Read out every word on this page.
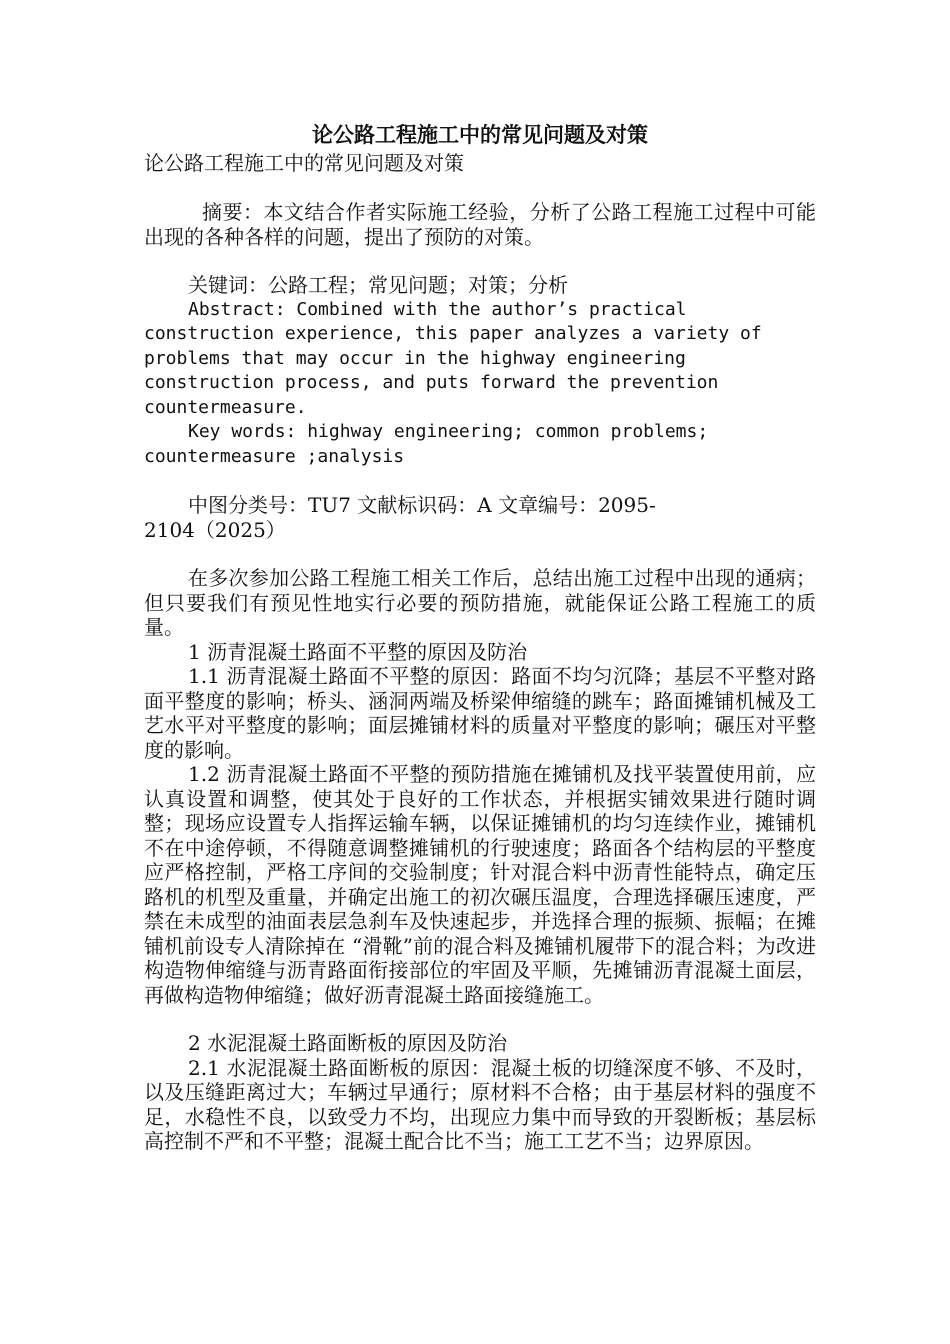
论公路工程施工中的常见问题及对策
论公路工程施工中的常见问题及对策

摘要：本文结合作者实际施工经验，分析了公路工程施工过程中可能出现的各种各样的问题，提出了预防的对策。

关键词：公路工程；常见问题；对策；分析

Abstract: Combined with the author’s practical construction experience, this paper analyzes a variety of problems that may occur in the highway engineering construction process, and puts forward the prevention countermeasure.

Key words: highway engineering; common problems; countermeasure ;analysis

中图分类号：TU7 文献标识码：A 文章编号：2095-2104（2025）

在多次参加公路工程施工相关工作后，总结出施工过程中出现的通病；但只要我们有预见性地实行必要的预防措施，就能保证公路工程施工的质量。

1 沥青混凝土路面不平整的原因及防治

1.1 沥青混凝土路面不平整的原因：路面不均匀沉降；基层不平整对路面平整度的影响；桥头、涵洞两端及桥梁伸缩缝的跳车；路面摊铺机械及工艺水平对平整度的影响；面层摊铺材料的质量对平整度的影响；碾压对平整度的影响。

1.2 沥青混凝土路面不平整的预防措施在摊铺机及找平装置使用前，应认真设置和调整，使其处于良好的工作状态，并根据实铺效果进行随时调整；现场应设置专人指挥运输车辆，以保证摊铺机的均匀连续作业，摊铺机不在中途停顿，不得随意调整摊铺机的行驶速度；路面各个结构层的平整度应严格控制，严格工序间的交验制度；针对混合料中沥青性能特点，确定压路机的机型及重量，并确定出施工的初次碾压温度，合理选择碾压速度，严禁在未成型的油面表层急刹车及快速起步，并选择合理的振频、振幅；在摊铺机前设专人清除掉在 “滑靴”前的混合料及摊铺机履带下的混合料；为改进构造物伸缩缝与沥青路面衔接部位的牢固及平顺，先摊铺沥青混凝土面层，再做构造物伸缩缝；做好沥青混凝土路面接缝施工。

2 水泥混凝土路面断板的原因及防治

2.1 水泥混凝土路面断板的原因：混凝土板的切缝深度不够、不及时，以及压缝距离过大；车辆过早通行；原材料不合格；由于基层材料的强度不足，水稳性不良，以致受力不均，出现应力集中而导致的开裂断板；基层标高控制不严和不平整；混凝土配合比不当；施工工艺不当；边界原因。
